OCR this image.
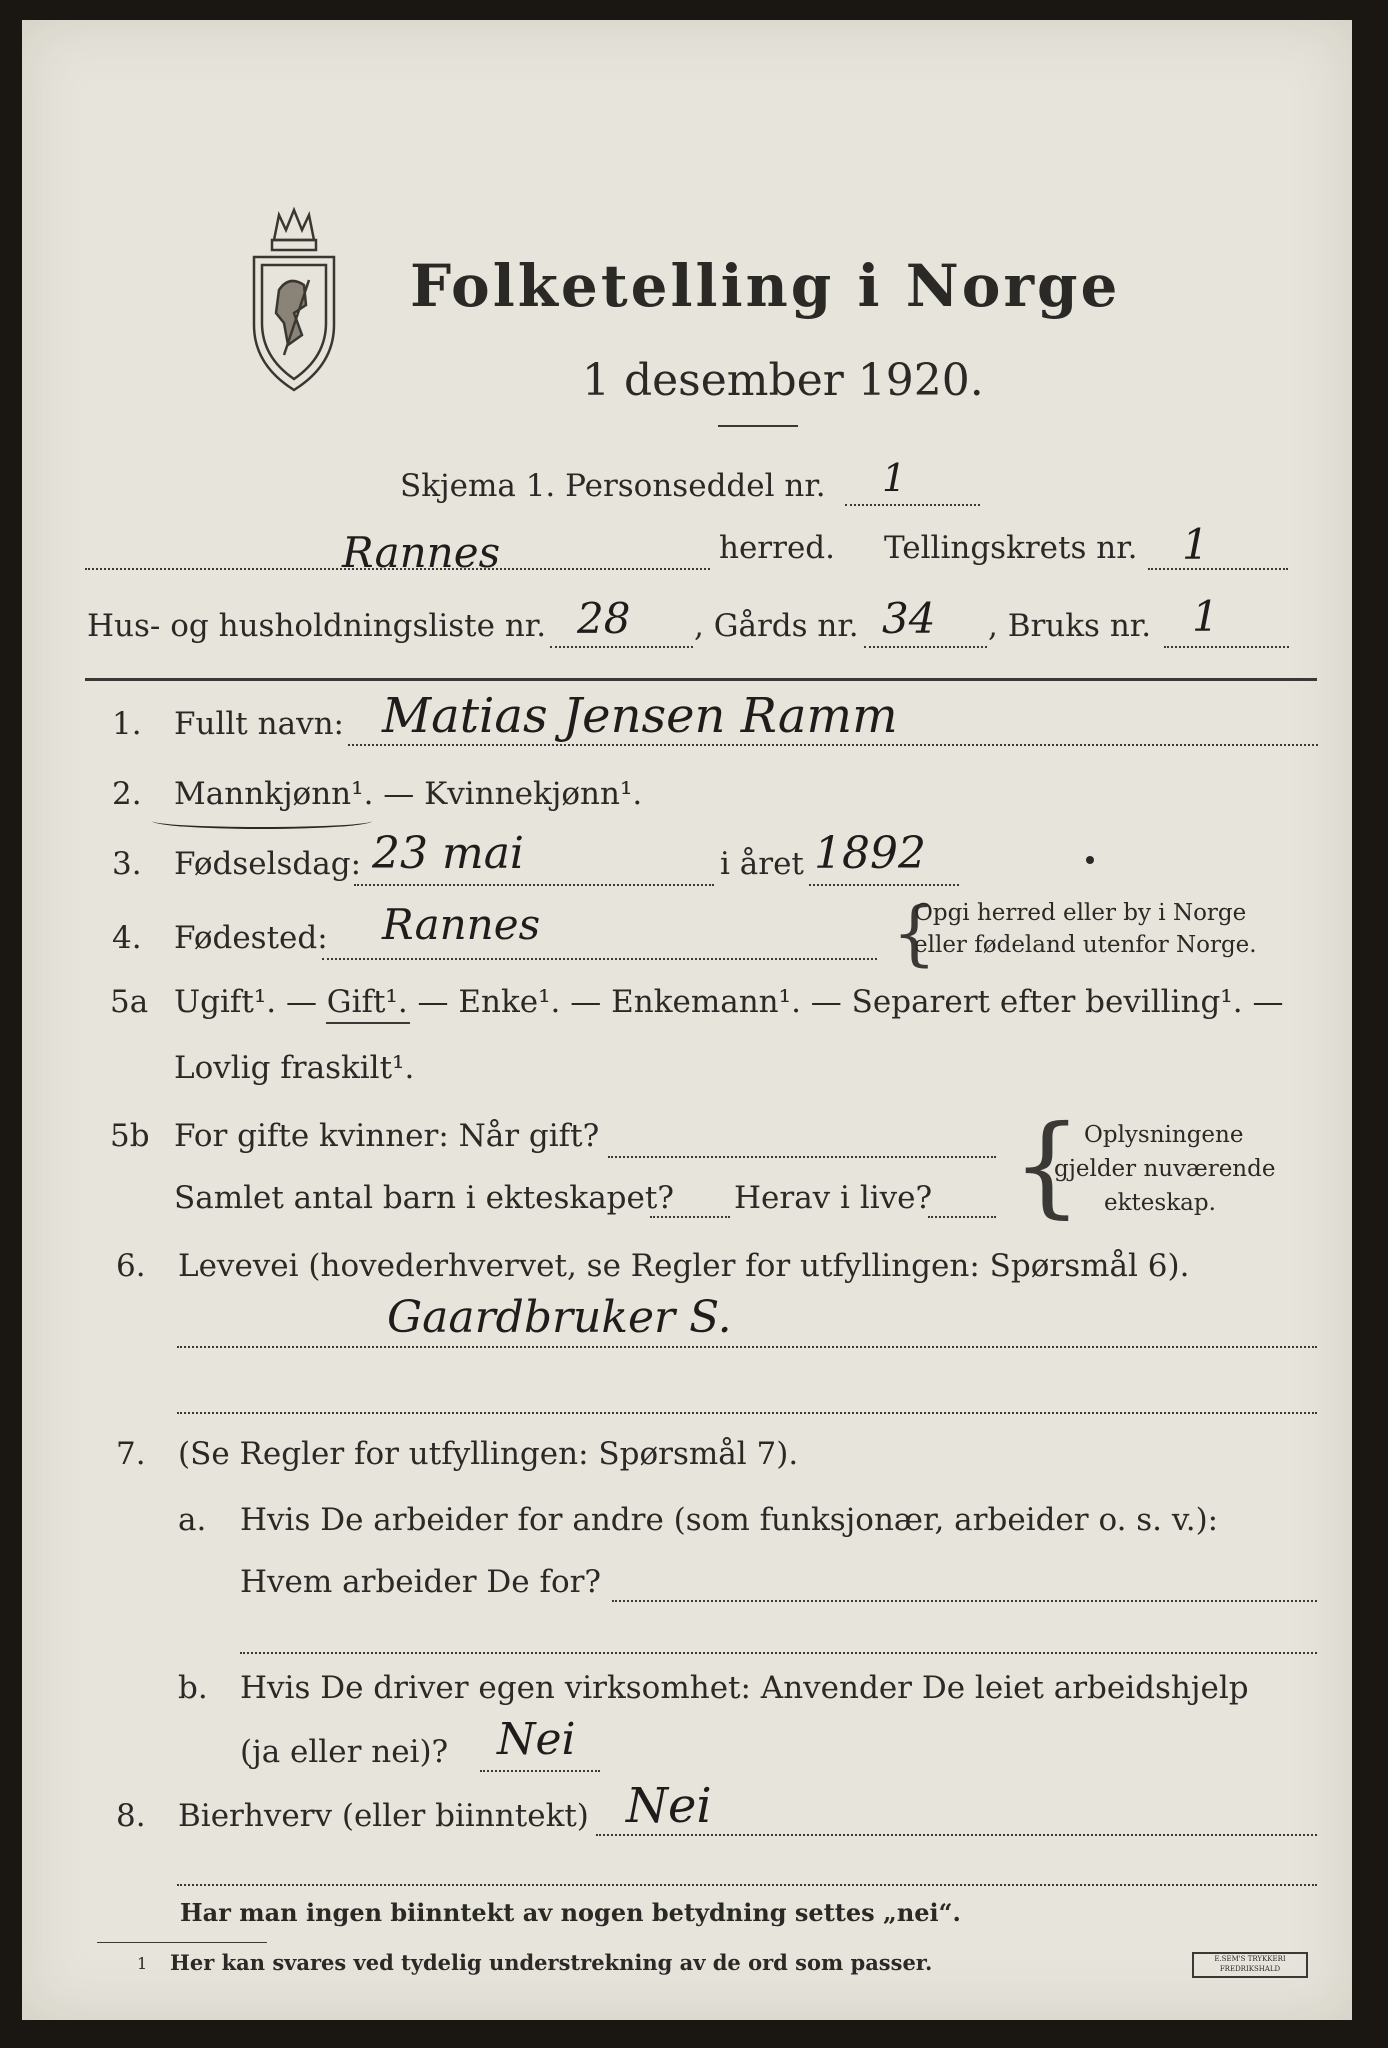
Folketelling i Norge
1 desember 1920.
Skjema 1. Personseddel nr. 1
Rannes	herred. Tellingskrets nr. 1
Hus- og husholdningsliste nr. 28 , Gårds nr. 34 , Bruks nr. 1
1. Fullt navn: Matias Jensen Ramm
2. Mannkjønn¹. — Kvinnekjønn¹.
3. Fødselsdag: 23 mai	i året 1892
4. Fødested: Rannes	{
Opgi herred eller by i Norge
eller fødeland utenfor Norge.
5a Ugift¹. — Gift¹. — Enke¹. — Enkemann¹. — Separert efter bevilling¹. —
Lovlig fraskilt¹.
5b For gifte kvinner: Når gift?
Samlet antal barn i ekteskapet? Herav i live? { Oplysningene
gjelder nuværende
ekteskap.
6. Levevei (hovederhvervet, se Regler for utfyllingen: Spørsmål 6).
Gaardbruker S.
7. (Se Regler for utfyllingen: Spørsmål 7).
a. Hvis De arbeider for andre (som funksjonær, arbeider o. s. v.):
Hvem arbeider De for?
b. Hvis De driver egen virksomhet: Anvender De leiet arbeidshjelp
(ja eller nei)? Nei
8. Bierhverv (eller biinntekt) Nei
Har man ingen biinntekt av nogen betydning settes „nei“.
1 Her kan svares ved tydelig understrekning av de ord som passer.	E.SEM'S TRYKKERI FREDRIKSHALD
